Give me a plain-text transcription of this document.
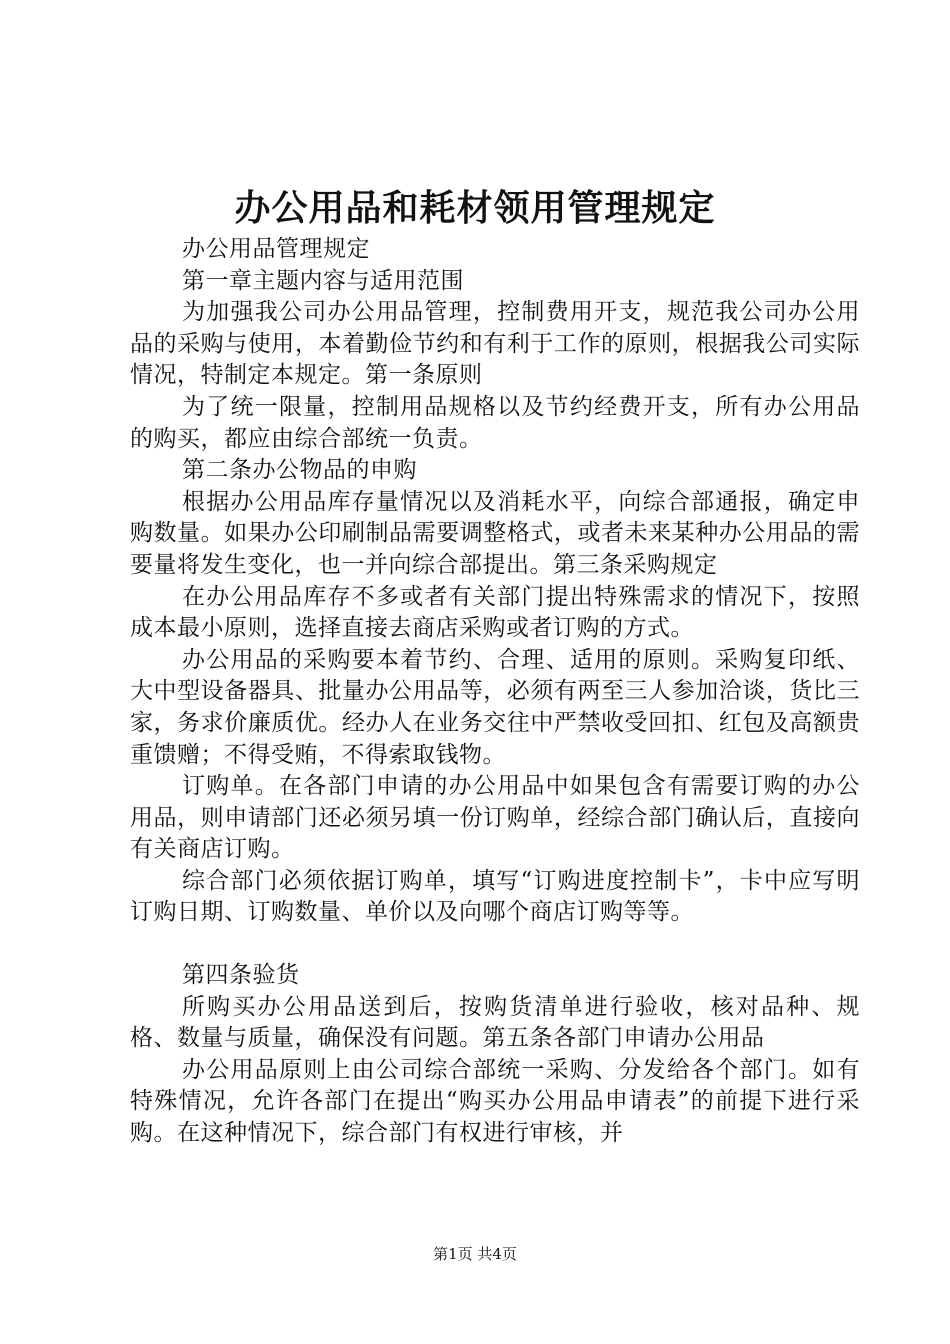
办公用品和耗材领用管理规定

办公用品管理规定

第一章主题内容与适用范围

为加强我公司办公用品管理，控制费用开支，规范我公司办公用品的采购与使用，本着勤俭节约和有利于工作的原则，根据我公司实际情况，特制定本规定。第一条原则

为了统一限量，控制用品规格以及节约经费开支，所有办公用品的购买，都应由综合部统一负责。

第二条办公物品的申购

根据办公用品库存量情况以及消耗水平，向综合部通报，确定申购数量。如果办公印刷制品需要调整格式，或者未来某种办公用品的需要量将发生变化，也一并向综合部提出。第三条采购规定

在办公用品库存不多或者有关部门提出特殊需求的情况下，按照成本最小原则，选择直接去商店采购或者订购的方式。

办公用品的采购要本着节约、合理、适用的原则。采购复印纸、大中型设备器具、批量办公用品等，必须有两至三人参加洽谈，货比三家，务求价廉质优。经办人在业务交往中严禁收受回扣、红包及高额贵重馈赠；不得受贿，不得索取钱物。

订购单。在各部门申请的办公用品中如果包含有需要订购的办公用品，则申请部门还必须另填一份订购单，经综合部门确认后，直接向有关商店订购。

综合部门必须依据订购单，填写“订购进度控制卡”，卡中应写明订购日期、订购数量、单价以及向哪个商店订购等等。

第四条验货

所购买办公用品送到后，按购货清单进行验收，核对品种、规格、数量与质量，确保没有问题。第五条各部门申请办公用品

办公用品原则上由公司综合部统一采购、分发给各个部门。如有特殊情况，允许各部门在提出“购买办公用品申请表”的前提下进行采购。在这种情况下，综合部门有权进行审核，并

第1页 共4页
